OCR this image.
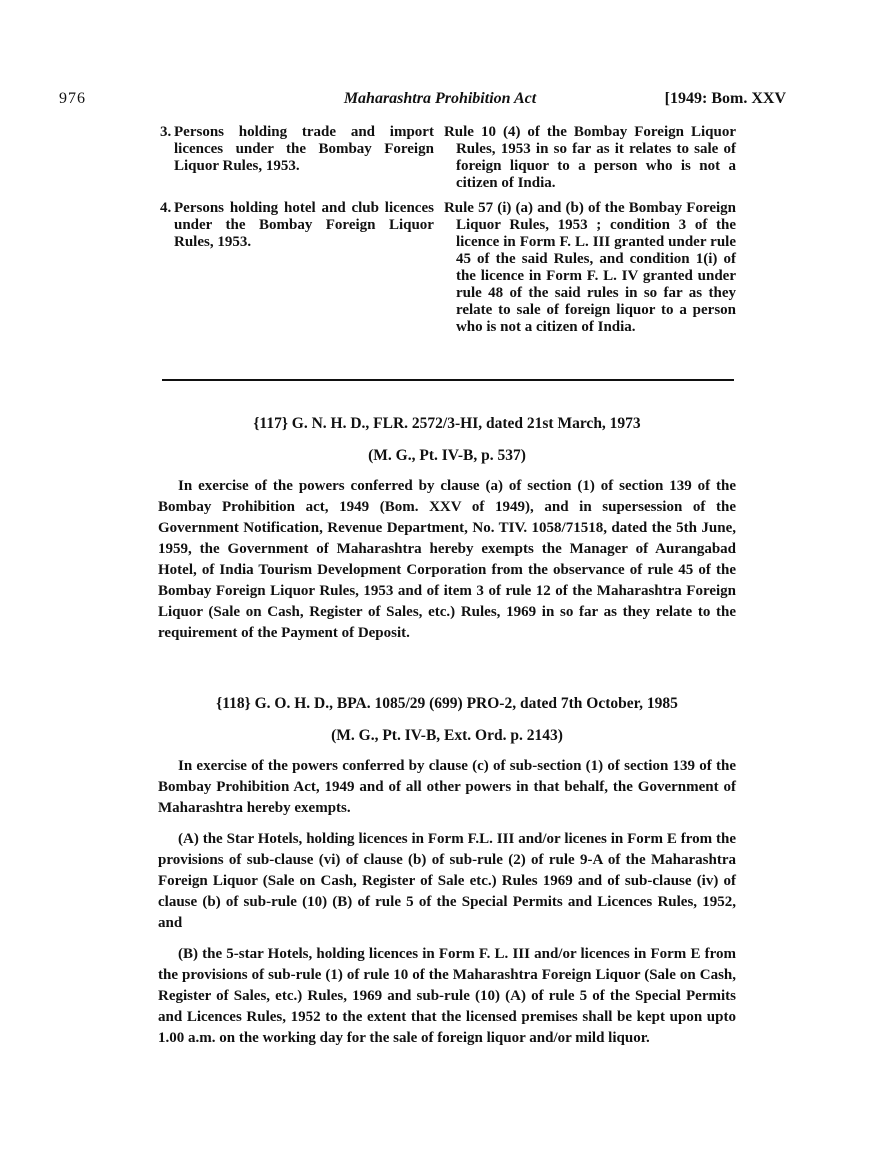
976	Maharashtra Prohibition Act	[1949: Bom. XXV
3. Persons holding trade and import licences under the Bombay Foreign Liquor Rules, 1953.
Rule 10 (4) of the Bombay Foreign Liquor Rules, 1953 in so far as it relates to sale of foreign liquor to a person who is not a citizen of India.
4. Persons holding hotel and club licences under the Bombay Foreign Liquor Rules, 1953.
Rule 57 (i) (a) and (b) of the Bombay Foreign Liquor Rules, 1953 ; condition 3 of the licence in Form F. L. III granted under rule 45 of the said Rules, and condition 1(i) of the licence in Form F. L. IV granted under rule 48 of the said rules in so far as they relate to sale of foreign liquor to a person who is not a citizen of India.
{117} G. N. H. D., FLR. 2572/3-HI, dated 21st March, 1973
(M. G., Pt. IV-B, p. 537)

In exercise of the powers conferred by clause (a) of section (1) of section 139 of the Bombay Prohibition act, 1949 (Bom. XXV of 1949), and in supersession of the Government Notification, Revenue Department, No. TIV. 1058/71518, dated the 5th June, 1959, the Government of Maharashtra hereby exempts the Manager of Aurangabad Hotel, of India Tourism Development Corporation from the observance of rule 45 of the Bombay Foreign Liquor Rules, 1953 and of item 3 of rule 12 of the Maharashtra Foreign Liquor (Sale on Cash, Register of Sales, etc.) Rules, 1969 in so far as they relate to the requirement of the Payment of Deposit.

{118} G. O. H. D., BPA. 1085/29 (699) PRO-2, dated 7th October, 1985
(M. G., Pt. IV-B, Ext. Ord. p. 2143)

In exercise of the powers conferred by clause (c) of sub-section (1) of section 139 of the Bombay Prohibition Act, 1949 and of all other powers in that behalf, the Government of Maharashtra hereby exempts.

(A) the Star Hotels, holding licences in Form F.L. III and/or licenes in Form E from the provisions of sub-clause (vi) of clause (b) of sub-rule (2) of rule 9-A of the Maharashtra Foreign Liquor (Sale on Cash, Register of Sale etc.) Rules 1969 and of sub-clause (iv) of clause (b) of sub-rule (10) (B) of rule 5 of the Special Permits and Licences Rules, 1952, and

(B) the 5-star Hotels, holding licences in Form F. L. III and/or licences in Form E from the provisions of sub-rule (1) of rule 10 of the Maharashtra Foreign Liquor (Sale on Cash, Register of Sales, etc.) Rules, 1969 and sub-rule (10) (A) of rule 5 of the Special Permits and Licences Rules, 1952 to the extent that the licensed premises shall be kept upon upto 1.00 a.m. on the working day for the sale of foreign liquor and/or mild liquor.
